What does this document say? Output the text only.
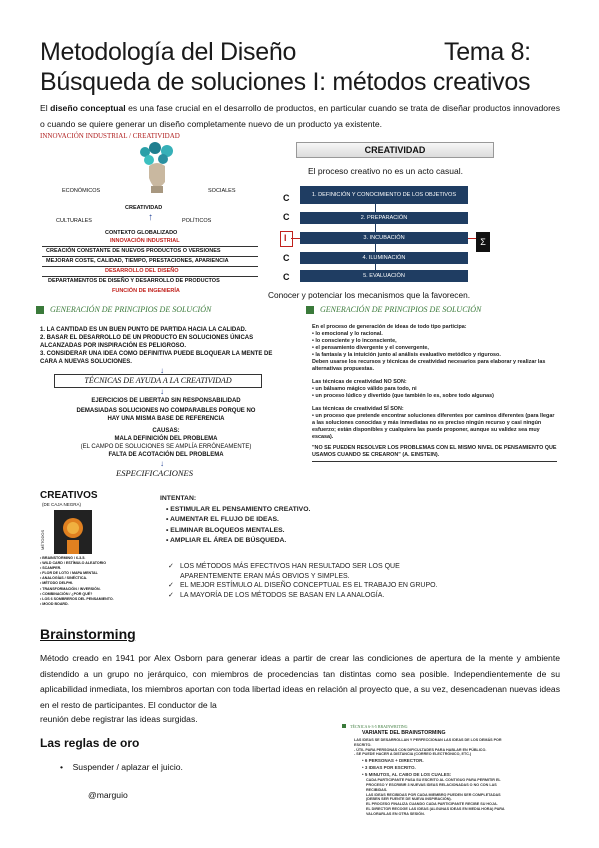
Metodología del Diseño	Tema 8:
Búsqueda de soluciones I: métodos creativos
El diseño conceptual es una fase crucial en el desarrollo de productos, en particular cuando se trata de diseñar productos innovadores o cuando se quiere generar un diseño completamente nuevo de un producto ya existente.
INNOVACIÓN INDUSTRIAL / CREATIVIDAD
ECONÓMICOS	SOCIALES
CREATIVIDAD
CULTURALES	POLÍTICOS
↑
CONTEXTO GLOBALIZADO
INNOVACIÓN INDUSTRIAL
CREACIÓN CONSTANTE DE NUEVOS PRODUCTOS O VERSIONES
MEJORAR COSTE, CALIDAD, TIEMPO, PRESTACIONES, APARIENCIA
DESARROLLO DEL DISEÑO
DEPARTAMENTOS DE DISEÑO Y DESARROLLO DE PRODUCTOS
FUNCIÓN DE INGENIERÍA
CREATIVIDAD
El proceso creativo no es un acto casual.
C	1. DEFINICIÓN Y CONOCIMIENTO DE LOS OBJETIVOS
C	2. PREPARACIÓN
I	3. INCUBACIÓN	Σ
C	4. ILUMINACIÓN
C	5. EVALUACIÓN
Conocer y potenciar los mecanismos que la favorecen.
GENERACIÓN DE PRINCIPIOS DE SOLUCIÓN
1. LA CANTIDAD ES UN BUEN PUNTO DE PARTIDA HACIA LA CALIDAD.
2. BASAR EL DESARROLLO DE UN PRODUCTO EN SOLUCIONES ÚNICAS ALCANZADAS POR INSPIRACIÓN ES PELIGROSO.
3. CONSIDERAR UNA IDEA COMO DEFINITIVA PUEDE BLOQUEAR LA MENTE DE CARA A NUEVAS SOLUCIONES.
↓
TÉCNICAS DE AYUDA A LA CREATIVIDAD
↓
EJERCICIOS DE LIBERTAD SIN RESPONSABILIDAD
DEMASIADAS SOLUCIONES NO COMPARABLES PORQUE NO HAY UNA MISMA BASE DE REFERENCIA
CAUSAS:
MALA DEFINICIÓN DEL PROBLEMA
(EL CAMPO DE SOLUCIONES SE AMPLÍA ERRÓNEAMENTE)
FALTA DE ACOTACIÓN DEL PROBLEMA
↓
ESPECIFICACIONES
GENERACIÓN DE PRINCIPIOS DE SOLUCIÓN
En el proceso de generación de ideas de todo tipo participa:
• lo emocional y lo racional.
• lo consciente y lo inconsciente,
• el pensamiento divergente y el convergente,
• la fantasía y la intuición junto al análisis evaluativo metódico y riguroso.
Deben usarse los recursos y técnicas de creatividad necesarios para elaborar y realizar las alternativas propuestas.
Las técnicas de creatividad NO SON:
• un bálsamo mágico válido para todo, ni
• un proceso lúdico y divertido (que también lo es, sobre todo algunas)
Las técnicas de creatividad SÍ SON:
• un proceso que pretende encontrar soluciones diferentes por caminos diferentes (para llegar a las soluciones conocidas y más inmediatas no es preciso ningún recurso y casi ningún esfuerzo; están disponibles y cualquiera las puede proponer, aunque su validez sea muy escasa).
"NO SE PUEDEN RESOLVER LOS PROBLEMAS CON EL MISMO NIVEL DE PENSAMIENTO QUE USAMOS CUANDO SE CREARON" (A. EINSTEIN).
CREATIVOS
(DE CAJA NEGRA)
MÉTODOS
• BRAINSTORMING / 6-3-5.
• WILD CARD / ESTÍMULO ALEATORIO
• SCAMPER.
• FLOR DE LOTO / MAPA MENTAL
• ANALOGÍAS / SINÉCTICA.
• MÉTODO DELPHI.
• TRANSFORMACIÓN / INVERSIÓN.
• COMBINACIÓN / ¿POR QUÉ?
• LOS 6 SOMBREROS DEL PENSAMIENTO.
• MOOD BOARD.
INTENTAN:
• ESTIMULAR EL PENSAMIENTO CREATIVO.
• AUMENTAR EL FLUJO DE IDEAS.
• ELIMINAR BLOQUEOS MENTALES.
• AMPLIAR EL ÁREA DE BÚSQUEDA.
✓ LOS MÉTODOS MÁS EFECTIVOS HAN RESULTADO SER LOS QUE APARENTEMENTE ERAN MÁS OBVIOS Y SIMPLES.
✓ EL MEJOR ESTÍMULO AL DISEÑO CONCEPTUAL ES EL TRABAJO EN GRUPO.
✓ LA MAYORÍA DE LOS MÉTODOS SE BASAN EN LA ANALOGÍA.
Brainstorming
Método creado en 1941 por Alex Osborn para generar ideas a partir de crear las condiciones de apertura de la mente y ambiente distendido a un grupo no jerárquico, con miembros de procedencias tan distintas como sea posible. Independientemente de su aplicabilidad inmediata, los miembros aportan con toda libertad ideas en relación al proyecto que, a su vez, desencadenan nuevas ideas en el resto de participantes. El conductor de la
reunión debe registrar las ideas surgidas.
Las reglas de oro
•    Suspender / aplazar el juicio.
@marguio
TÉCNICA 6-3-5 BRAINWRITING
VARIANTE DEL BRAINSTORMING
LAS IDEAS SE DESARROLLAN Y PERFECCIONAN LAS IDEAS DE LOS DEMÁS POR ESCRITO.
- ÚTIL PARA PERSONAS CON DIFICULTADES PARA HABLAR EN PÚBLICO.
- SE PUEDE HACER A DISTANCIA (CORREO ELECTRÓNICO, ETC.)
• 6 PERSONAS + DIRECTOR.
• 3 IDEAS POR ESCRITO.
• 5 MINUTOS, AL CABO DE LOS CUALES:
CADA PARTICIPANTE PASA SU ESCRITO AL CONTIGUO PARA PERMITIR EL PROCESO Y ESCRIBIR 3 NUEVAS IDEAS RELACIONADAS O NO CON LAS RECIBIDAS.
LAS IDEAS RECIBIDAS POR CADA MIEMBRO PUEDEN SER COMPLETADAS (DEBEN SER FUENTE DE NUEVA INSPIRACIÓN).
EL PROCESO FINALIZA CUANDO CADA PARTICIPANTE RECIBE SU HOJA.
EL DIRECTOR RECOGE LAS IDEAS (ALGUNAS IDEAS EN MEDIA HORA) PARA VALORARLAS EN OTRA SESIÓN.
